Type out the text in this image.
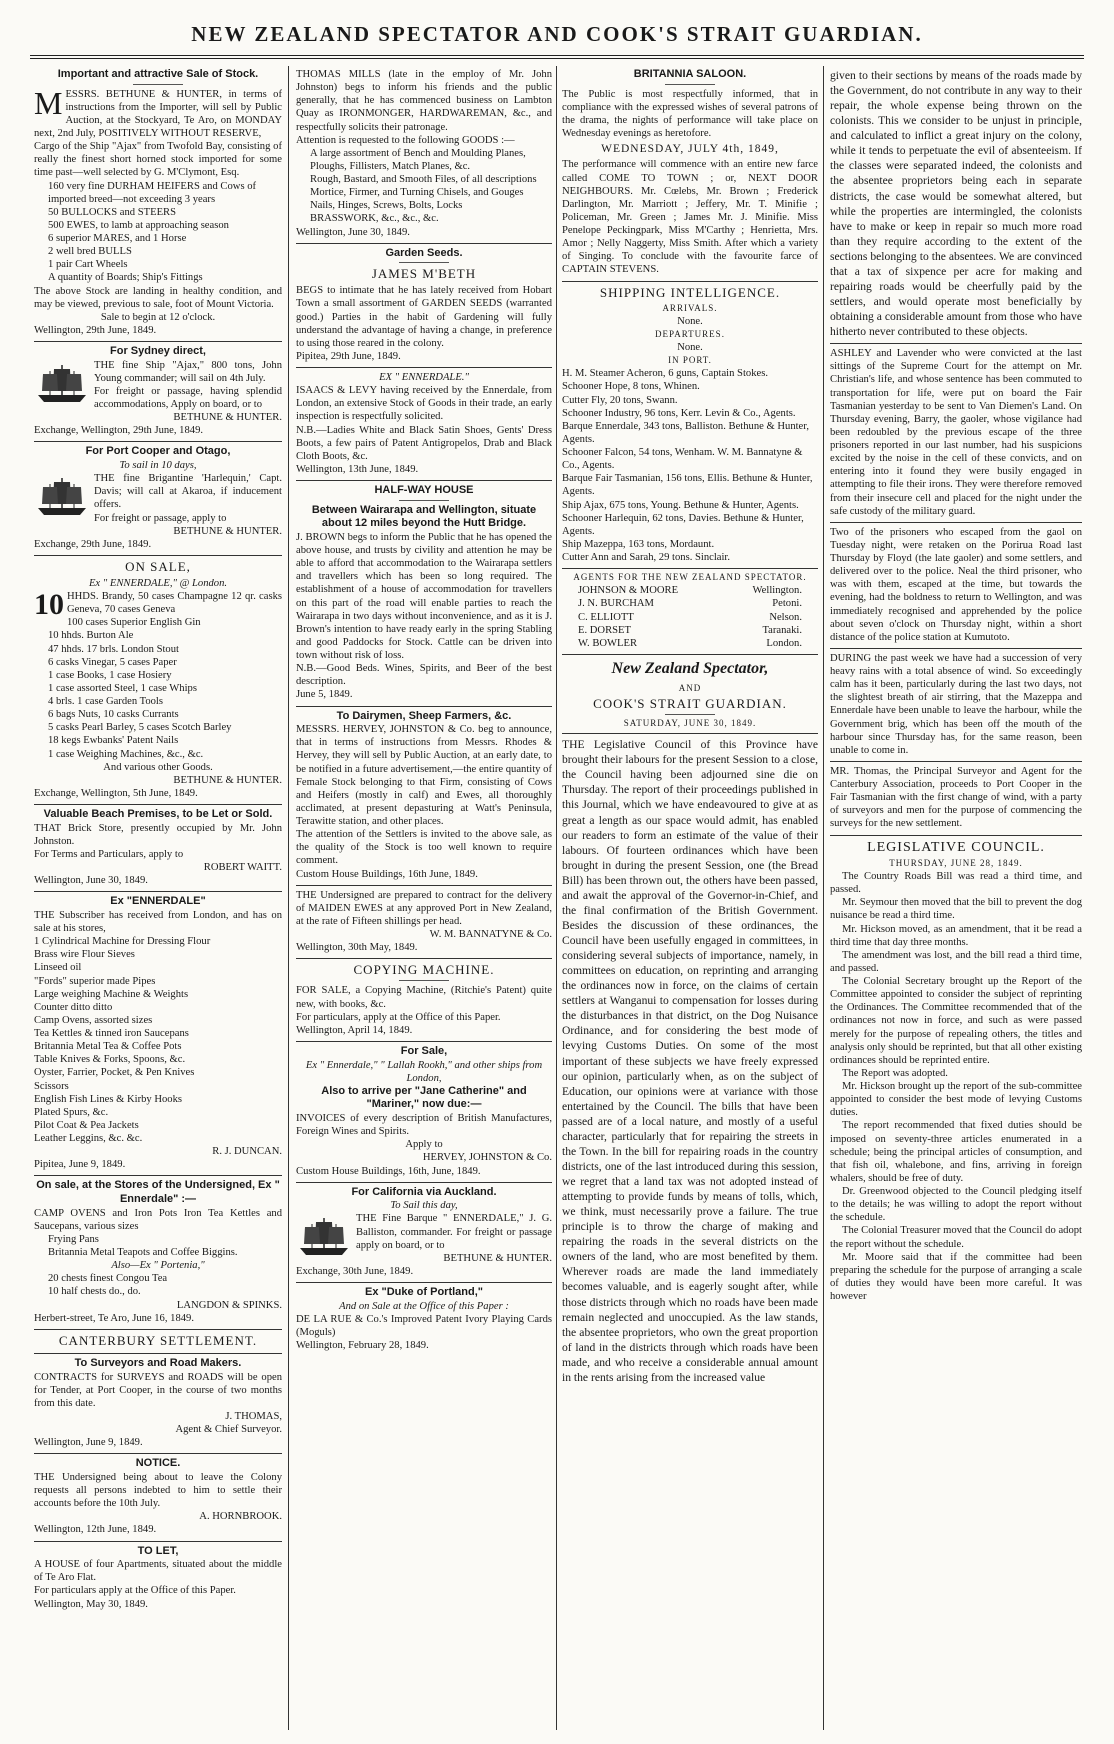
NEW ZEALAND SPECTATOR AND COOK'S STRAIT GUARDIAN.

Important and attractive Sale of Stock.

MESSRS. BETHUNE & HUNTER, in terms of instructions from the Importer, will sell by Public Auction, at the Stockyard, Te Aro, on MONDAY next, 2nd July, POSITIVELY WITHOUT RESERVE,

Cargo of the Ship "Ajax" from Twofold Bay, consisting of really the finest short horned stock imported for some time past—well selected by G. M'Clymont, Esq.

160 very fine DURHAM HEIFERS and Cows of imported breed—not exceeding 3 years
50 BULLOCKS and STEERS
500 EWES, to lamb at approaching season
6 superior MARES, and 1 Horse
2 well bred BULLS
1 pair Cart Wheels
A quantity of Boards; Ship's Fittings

The above Stock are landing in healthy condition, and may be viewed, previous to sale, foot of Mount Victoria.

Sale to begin at 12 o'clock.

Wellington, 29th June, 1849.

For Sydney direct,

THE fine Ship "Ajax," 800 tons, John Young commander; will sail on 4th July.

For freight or passage, having splendid accommodations, Apply on board, or to

BETHUNE & HUNTER.

Exchange, Wellington, 29th June, 1849.

For Port Cooper and Otago,

To sail in 10 days,

THE fine Brigantine 'Harlequin,' Capt. Davis; will call at Akaroa, if inducement offers.

For freight or passage, apply to

BETHUNE & HUNTER.

Exchange, 29th June, 1849.

ON SALE,

Ex " ENNERDALE," @ London.

10 HHDS. Brandy, 50 cases Champagne 12 qr. casks Geneva, 70 cases Geneva

100 cases Superior English Gin
10 hhds. Burton Ale
47 hhds. 17 brls. London Stout
6 casks Vinegar, 5 cases Paper
1 case Books, 1 case Hosiery
1 case assorted Steel, 1 case Whips
4 brls. 1 case Garden Tools
6 bags Nuts, 10 casks Currants
5 casks Pearl Barley, 5 cases Scotch Barley
18 kegs Ewbanks' Patent Nails
1 case Weighing Machines, &c., &c.

And various other Goods.

BETHUNE & HUNTER.

Exchange, Wellington, 5th June, 1849.

Valuable Beach Premises, to be Let or Sold.

THAT Brick Store, presently occupied by Mr. John Johnston.

For Terms and Particulars, apply to

ROBERT WAITT.

Wellington, June 30, 1849.

Ex "ENNERDALE"

THE Subscriber has received from London, and has on sale at his stores,

1 Cylindrical Machine for Dressing Flour
Brass wire Flour Sieves
Linseed oil
"Fords" superior made Pipes
Large weighing Machine & Weights
Counter ditto ditto
Camp Ovens, assorted sizes
Tea Kettles & tinned iron Saucepans
Britannia Metal Tea & Coffee Pots
Table Knives & Forks, Spoons, &c.
Oyster, Farrier, Pocket, & Pen Knives
Scissors
English Fish Lines & Kirby Hooks
Plated Spurs, &c.
Pilot Coat & Pea Jackets
Leather Leggins, &c. &c.

R. J. DUNCAN.

Pipitea, June 9, 1849.

On sale, at the Stores of the Undersigned, Ex " Ennerdale" :—

CAMP OVENS and Iron Pots Iron Tea Kettles and Saucepans, various sizes

Frying Pans
Britannia Metal Teapots and Coffee Biggins.

Also—Ex " Portenia,"

20 chests finest Congou Tea
10 half chests do., do.

LANGDON & SPINKS.

Herbert-street, Te Aro, June 16, 1849.

CANTERBURY SETTLEMENT.

To Surveyors and Road Makers.

CONTRACTS for SURVEYS and ROADS will be open for Tender, at Port Cooper, in the course of two months from this date.

J. THOMAS,

Agent & Chief Surveyor.

Wellington, June 9, 1849.

NOTICE.

THE Undersigned being about to leave the Colony requests all persons indebted to him to settle their accounts before the 10th July.

A. HORNBROOK.

Wellington, 12th June, 1849.

TO LET,

A HOUSE of four Apartments, situated about the middle of Te Aro Flat.

For particulars apply at the Office of this Paper.

Wellington, May 30, 1849.

THOMAS MILLS (late in the employ of Mr. John Johnston) begs to inform his friends and the public generally, that he has commenced business on Lambton Quay as IRONMONGER, HARDWAREMAN, &c., and respectfully solicits their patronage.

Attention is requested to the following GOODS :—

A large assortment of Bench and Moulding Planes, Ploughs, Fillisters, Match Planes, &c.
Rough, Bastard, and Smooth Files, of all descriptions
Mortice, Firmer, and Turning Chisels, and Gouges
Nails, Hinges, Screws, Bolts, Locks
BRASSWORK, &c., &c., &c.

Wellington, June 30, 1849.

Garden Seeds.

JAMES M'BETH

BEGS to intimate that he has lately received from Hobart Town a small assortment of GARDEN SEEDS (warranted good.) Parties in the habit of Gardening will fully understand the advantage of having a change, in preference to using those reared in the colony.

Pipitea, 29th June, 1849.

EX " ENNERDALE."

ISAACS & LEVY having received by the Ennerdale, from London, an extensive Stock of Goods in their trade, an early inspection is respectfully solicited.

N.B.—Ladies White and Black Satin Shoes, Gents' Dress Boots, a few pairs of Patent Antigropelos, Drab and Black Cloth Boots, &c.

Wellington, 13th June, 1849.

HALF-WAY HOUSE

Between Wairarapa and Wellington, situate about 12 miles beyond the Hutt Bridge.

J. BROWN begs to inform the Public that he has opened the above house, and trusts by civility and attention he may be able to afford that accommodation to the Wairarapa settlers and travellers which has been so long required. The establishment of a house of accommodation for travellers on this part of the road will enable parties to reach the Wairarapa in two days without inconvenience, and as it is J. Brown's intention to have ready early in the spring Stabling and good Paddocks for Stock. Cattle can be driven into town without risk of loss.

N.B.—Good Beds. Wines, Spirits, and Beer of the best description.

June 5, 1849.

To Dairymen, Sheep Farmers, &c.

MESSRS. HERVEY, JOHNSTON & Co. beg to announce, that in terms of instructions from Messrs. Rhodes & Hervey, they will sell by Public Auction, at an early date, to be notified in a future advertisement,—the entire quantity of Female Stock belonging to that Firm, consisting of Cows and Heifers (mostly in calf) and Ewes, all thoroughly acclimated, at present depasturing at Watt's Peninsula, Terawitte station, and other places.

The attention of the Settlers is invited to the above sale, as the quality of the Stock is too well known to require comment.

Custom House Buildings, 16th June, 1849.

THE Undersigned are prepared to contract for the delivery of MAIDEN EWES at any approved Port in New Zealand, at the rate of Fifteen shillings per head.

W. M. BANNATYNE & Co.

Wellington, 30th May, 1849.

COPYING MACHINE.

FOR SALE, a Copying Machine, (Ritchie's Patent) quite new, with books, &c.

For particulars, apply at the Office of this Paper.

Wellington, April 14, 1849.

For Sale,

Ex " Ennerdale," " Lallah Rookh," and other ships from London,

Also to arrive per "Jane Catherine" and "Mariner," now due:—

INVOICES of every description of British Manufactures, Foreign Wines and Spirits.

Apply to

HERVEY, JOHNSTON & Co.

Custom House Buildings, 16th, June, 1849.

For California via Auckland.

To Sail this day,

THE Fine Barque " ENNERDALE," J. G. Balliston, commander. For freight or passage apply on board, or to

BETHUNE & HUNTER.

Exchange, 30th June, 1849.

Ex "Duke of Portland,"

And on Sale at the Office of this Paper :

DE LA RUE & Co.'s Improved Patent Ivory Playing Cards (Moguls)

Wellington, February 28, 1849.

BRITANNIA SALOON.

The Public is most respectfully informed, that in compliance with the expressed wishes of several patrons of the drama, the nights of performance will take place on Wednesday evenings as heretofore.

WEDNESDAY, JULY 4th, 1849,

The performance will commence with an entire new farce called COME TO TOWN ; or, NEXT DOOR NEIGHBOURS. Mr. Cœlebs, Mr. Brown ; Frederick Darlington, Mr. Marriott ; Jeffery, Mr. T. Minifie ; Policeman, Mr. Green ; James Mr. J. Minifie. Miss Penelope Peckingpark, Miss M'Carthy ; Henrietta, Mrs. Amor ; Nelly Naggerty, Miss Smith. After which a variety of Singing. To conclude with the favourite farce of CAPTAIN STEVENS.

SHIPPING INTELLIGENCE.

ARRIVALS.

None.

DEPARTURES.

None.

IN PORT.

H. M. Steamer Acheron, 6 guns, Captain Stokes.
Schooner Hope, 8 tons, Whinen.
Cutter Fly, 20 tons, Swann.
Schooner Industry, 96 tons, Kerr. Levin & Co., Agents.
Barque Ennerdale, 343 tons, Balliston. Bethune & Hunter, Agents.
Schooner Falcon, 54 tons, Wenham. W. M. Bannatyne & Co., Agents.
Barque Fair Tasmanian, 156 tons, Ellis. Bethune & Hunter, Agents.
Ship Ajax, 675 tons, Young. Bethune & Hunter, Agents.
Schooner Harlequin, 62 tons, Davies. Bethune & Hunter, Agents.
Ship Mazeppa, 163 tons, Mordaunt.
Cutter Ann and Sarah, 29 tons. Sinclair.

AGENTS FOR THE NEW ZEALAND SPECTATOR.

JOHNSON & MOORE	Wellington.
J. N. BURCHAM	Petoni.
C. ELLIOTT	Nelson.
E. DORSET	Taranaki.
W. BOWLER	London.

New Zealand Spectator,

AND

COOK'S STRAIT GUARDIAN.

SATURDAY, JUNE 30, 1849.

THE Legislative Council of this Province have brought their labours for the present Session to a close, the Council having been adjourned sine die on Thursday. The report of their proceedings published in this Journal, which we have endeavoured to give at as great a length as our space would admit, has enabled our readers to form an estimate of the value of their labours. Of fourteen ordinances which have been brought in during the present Session, one (the Bread Bill) has been thrown out, the others have been passed, and await the approval of the Governor-in-Chief, and the final confirmation of the British Government. Besides the discussion of these ordinances, the Council have been usefully engaged in committees, in considering several subjects of importance, namely, in committees on education, on reprinting and arranging the ordinances now in force, on the claims of certain settlers at Wanganui to compensation for losses during the disturbances in that district, on the Dog Nuisance Ordinance, and for considering the best mode of levying Customs Duties. On some of the most important of these subjects we have freely expressed our opinion, particularly when, as on the subject of Education, our opinions were at variance with those entertained by the Council. The bills that have been passed are of a local nature, and mostly of a useful character, particularly that for repairing the streets in the Town. In the bill for repairing roads in the country districts, one of the last introduced during this session, we regret that a land tax was not adopted instead of attempting to provide funds by means of tolls, which, we think, must necessarily prove a failure. The true principle is to throw the charge of making and repairing the roads in the several districts on the owners of the land, who are most benefited by them. Wherever roads are made the land immediately becomes valuable, and is eagerly sought after, while those districts through which no roads have been made remain neglected and unoccupied. As the law stands, the absentee proprietors, who own the great proportion of land in the districts through which roads have been made, and who receive a considerable annual amount in the rents arising from the increased value

given to their sections by means of the roads made by the Government, do not contribute in any way to their repair, the whole expense being thrown on the colonists. This we consider to be unjust in principle, and calculated to inflict a great injury on the colony, while it tends to perpetuate the evil of absenteeism. If the classes were separated indeed, the colonists and the absentee proprietors being each in separate districts, the case would be somewhat altered, but while the properties are intermingled, the colonists have to make or keep in repair so much more road than they require according to the extent of the sections belonging to the absentees. We are convinced that a tax of sixpence per acre for making and repairing roads would be cheerfully paid by the settlers, and would operate most beneficially by obtaining a considerable amount from those who have hitherto never contributed to these objects.

ASHLEY and Lavender who were convicted at the last sittings of the Supreme Court for the attempt on Mr. Christian's life, and whose sentence has been commuted to transportation for life, were put on board the Fair Tasmanian yesterday to be sent to Van Diemen's Land. On Thursday evening, Barry, the gaoler, whose vigilance had been redoubled by the previous escape of the three prisoners reported in our last number, had his suspicions excited by the noise in the cell of these convicts, and on entering into it found they were busily engaged in attempting to file their irons. They were therefore removed from their insecure cell and placed for the night under the safe custody of the military guard.

Two of the prisoners who escaped from the gaol on Tuesday night, were retaken on the Porirua Road last Thursday by Floyd (the late gaoler) and some settlers, and delivered over to the police. Neal the third prisoner, who was with them, escaped at the time, but towards the evening, had the boldness to return to Wellington, and was immediately recognised and apprehended by the police about seven o'clock on Thursday night, within a short distance of the police station at Kumutoto.

DURING the past week we have had a succession of very heavy rains with a total absence of wind. So exceedingly calm has it been, particularly during the last two days, not the slightest breath of air stirring, that the Mazeppa and Ennerdale have been unable to leave the harbour, while the Government brig, which has been off the mouth of the harbour since Thursday has, for the same reason, been unable to come in.

MR. Thomas, the Principal Surveyor and Agent for the Canterbury Association, proceeds to Port Cooper in the Fair Tasmanian with the first change of wind, with a party of surveyors and men for the purpose of commencing the surveys for the new settlement.

LEGISLATIVE COUNCIL.

THURSDAY, JUNE 28, 1849.

The Country Roads Bill was read a third time, and passed.

Mr. Seymour then moved that the bill to prevent the dog nuisance be read a third time.

Mr. Hickson moved, as an amendment, that it be read a third time that day three months.

The amendment was lost, and the bill read a third time, and passed.

The Colonial Secretary brought up the Report of the Committee appointed to consider the subject of reprinting the Ordinances. The Committee recommended that of the ordinances not now in force, and such as were passed merely for the purpose of repealing others, the titles and analysis only should be reprinted, but that all other existing ordinances should be reprinted entire.

The Report was adopted.

Mr. Hickson brought up the report of the sub-committee appointed to consider the best mode of levying Customs duties.

The report recommended that fixed duties should be imposed on seventy-three articles enumerated in a schedule; being the principal articles of consumption, and that fish oil, whalebone, and fins, arriving in foreign whalers, should be free of duty.

Dr. Greenwood objected to the Council pledging itself to the details; he was willing to adopt the report without the schedule.

The Colonial Treasurer moved that the Council do adopt the report without the schedule.

Mr. Moore said that if the committee had been preparing the schedule for the purpose of arranging a scale of duties they would have been more careful. It was however
